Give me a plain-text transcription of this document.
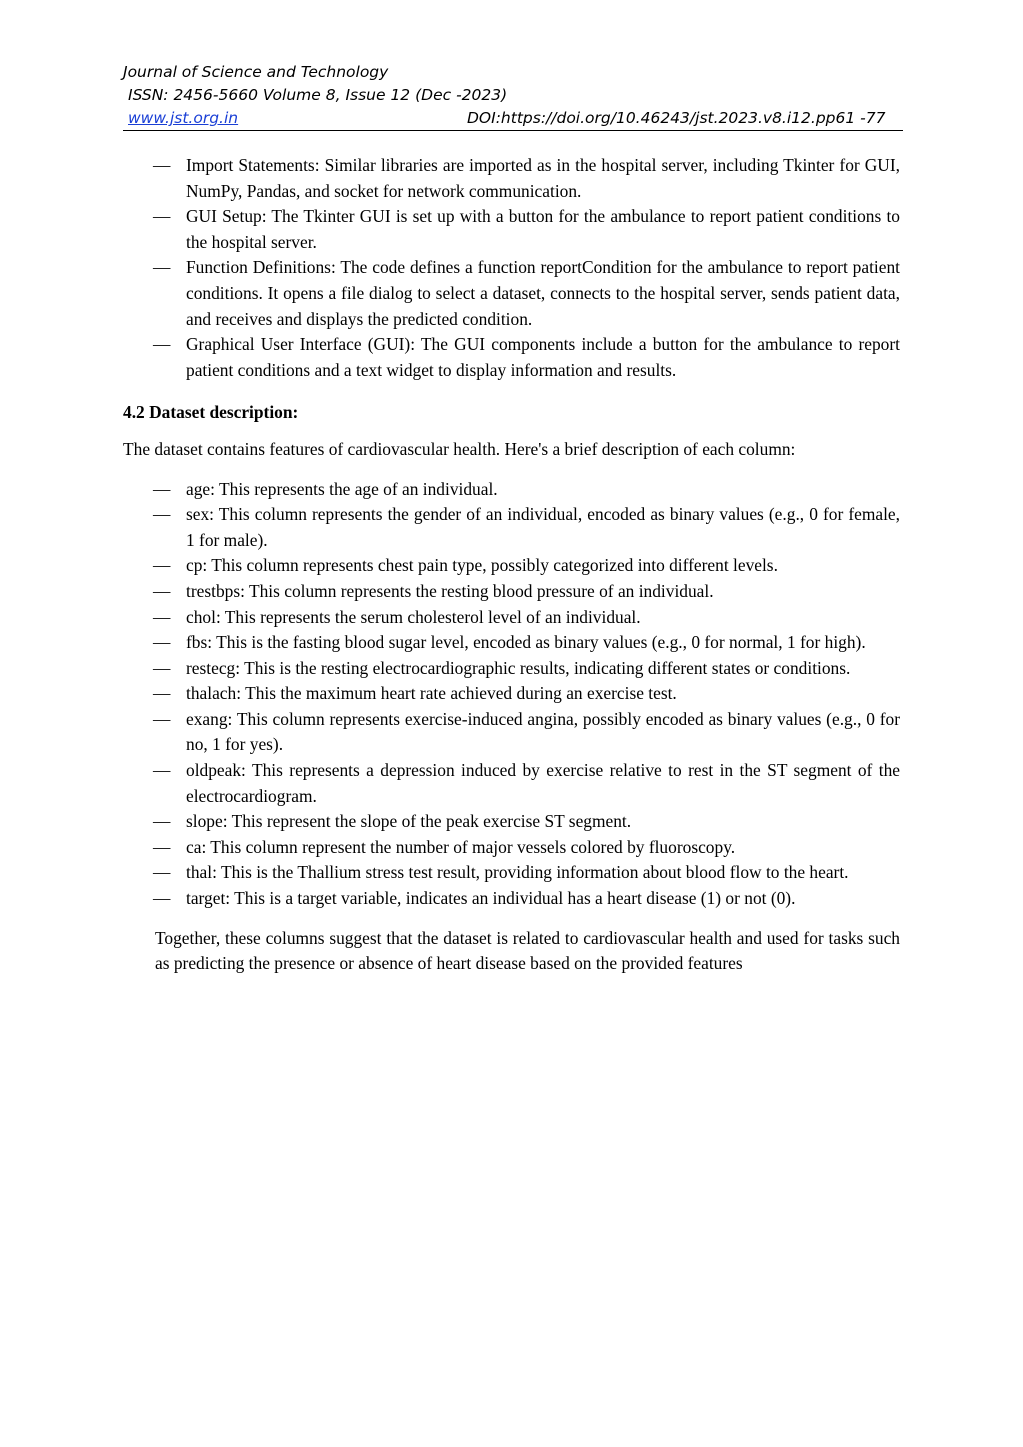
Journal of Science and Technology
ISSN: 2456-5660 Volume 8, Issue 12 (Dec -2023)
www.jst.org.in	DOI:https://doi.org/10.46243/jst.2023.v8.i12.pp61 -77
— Import Statements: Similar libraries are imported as in the hospital server, including Tkinter for GUI, NumPy, Pandas, and socket for network communication.
— GUI Setup: The Tkinter GUI is set up with a button for the ambulance to report patient conditions to the hospital server.
— Function Definitions: The code defines a function reportCondition for the ambulance to report patient conditions. It opens a file dialog to select a dataset, connects to the hospital server, sends patient data, and receives and displays the predicted condition.
— Graphical User Interface (GUI): The GUI components include a button for the ambulance to report patient conditions and a text widget to display information and results.

4.2 Dataset description:

The dataset contains features of cardiovascular health. Here's a brief description of each column:

— age: This represents the age of an individual.
— sex: This column represents the gender of an individual, encoded as binary values (e.g., 0 for female, 1 for male).
— cp: This column represents chest pain type, possibly categorized into different levels.
— trestbps: This column represents the resting blood pressure of an individual.
— chol: This represents the serum cholesterol level of an individual.
— fbs: This is the fasting blood sugar level, encoded as binary values (e.g., 0 for normal, 1 for high).
— restecg: This is the resting electrocardiographic results, indicating different states or conditions.
— thalach: This the maximum heart rate achieved during an exercise test.
— exang: This column represents exercise-induced angina, possibly encoded as binary values (e.g., 0 for no, 1 for yes).
— oldpeak: This represents a depression induced by exercise relative to rest in the ST segment of the electrocardiogram.
— slope: This represent the slope of the peak exercise ST segment.
— ca: This column represent the number of major vessels colored by fluoroscopy.
— thal: This is the Thallium stress test result, providing information about blood flow to the heart.
— target: This is a target variable, indicates an individual has a heart disease (1) or not (0).

Together, these columns suggest that the dataset is related to cardiovascular health and used for tasks such as predicting the presence or absence of heart disease based on the provided features
